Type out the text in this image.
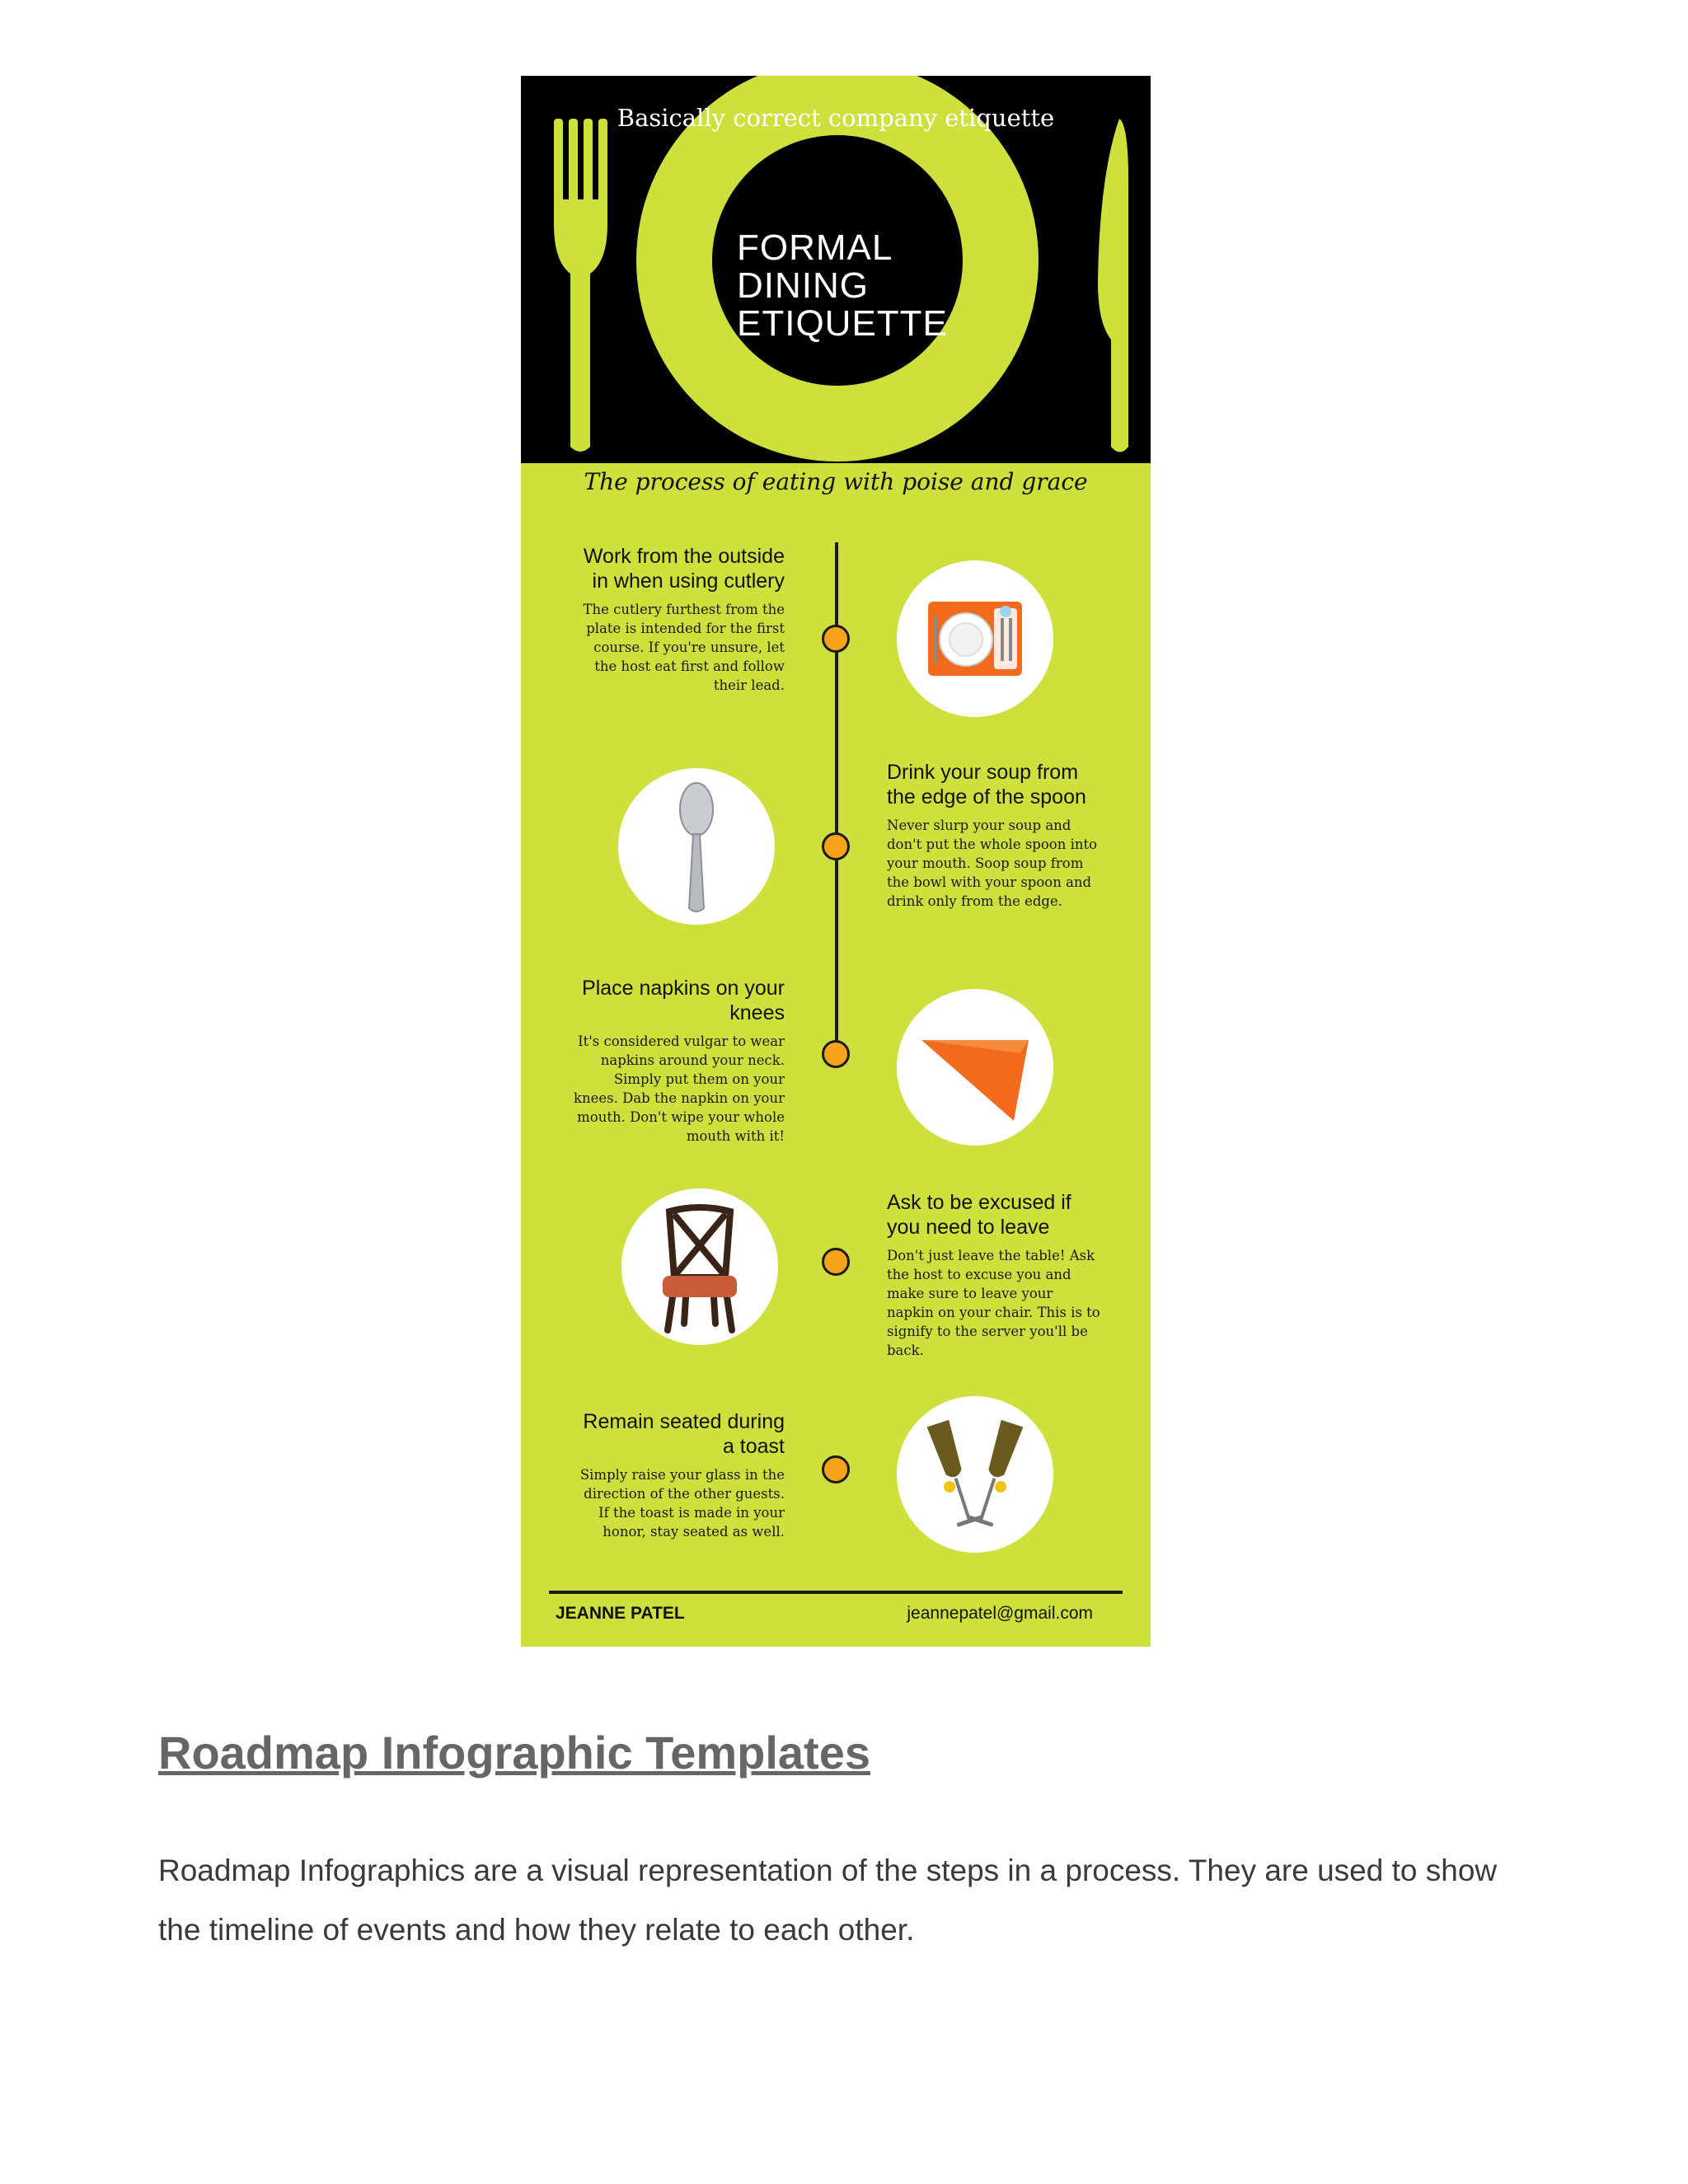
Basically correct company etiquette
FORMAL
DINING
ETIQUETTE
The process of eating with poise and grace
Work from the outside in when using cutlery
The cutlery furthest from the plate is intended for the first course. If you're unsure, let the host eat first and follow their lead.
Drink your soup from the edge of the spoon
Never slurp your soup and don't put the whole spoon into your mouth. Soop soup from the bowl with your spoon and drink only from the edge.
Place napkins on your knees
It's considered vulgar to wear napkins around your neck. Simply put them on your knees. Dab the napkin on your mouth. Don't wipe your whole mouth with it!
Ask to be excused if you need to leave
Don't just leave the table! Ask the host to excuse you and make sure to leave your napkin on your chair. This is to signify to the server you'll be back.
Remain seated during a toast
Simply raise your glass in the direction of the other guests. If the toast is made in your honor, stay seated as well.
JEANNE PATEL	jeannepatel@gmail.com
Roadmap Infographic Templates

Roadmap Infographics are a visual representation of the steps in a process. They are used to show the timeline of events and how they relate to each other.
